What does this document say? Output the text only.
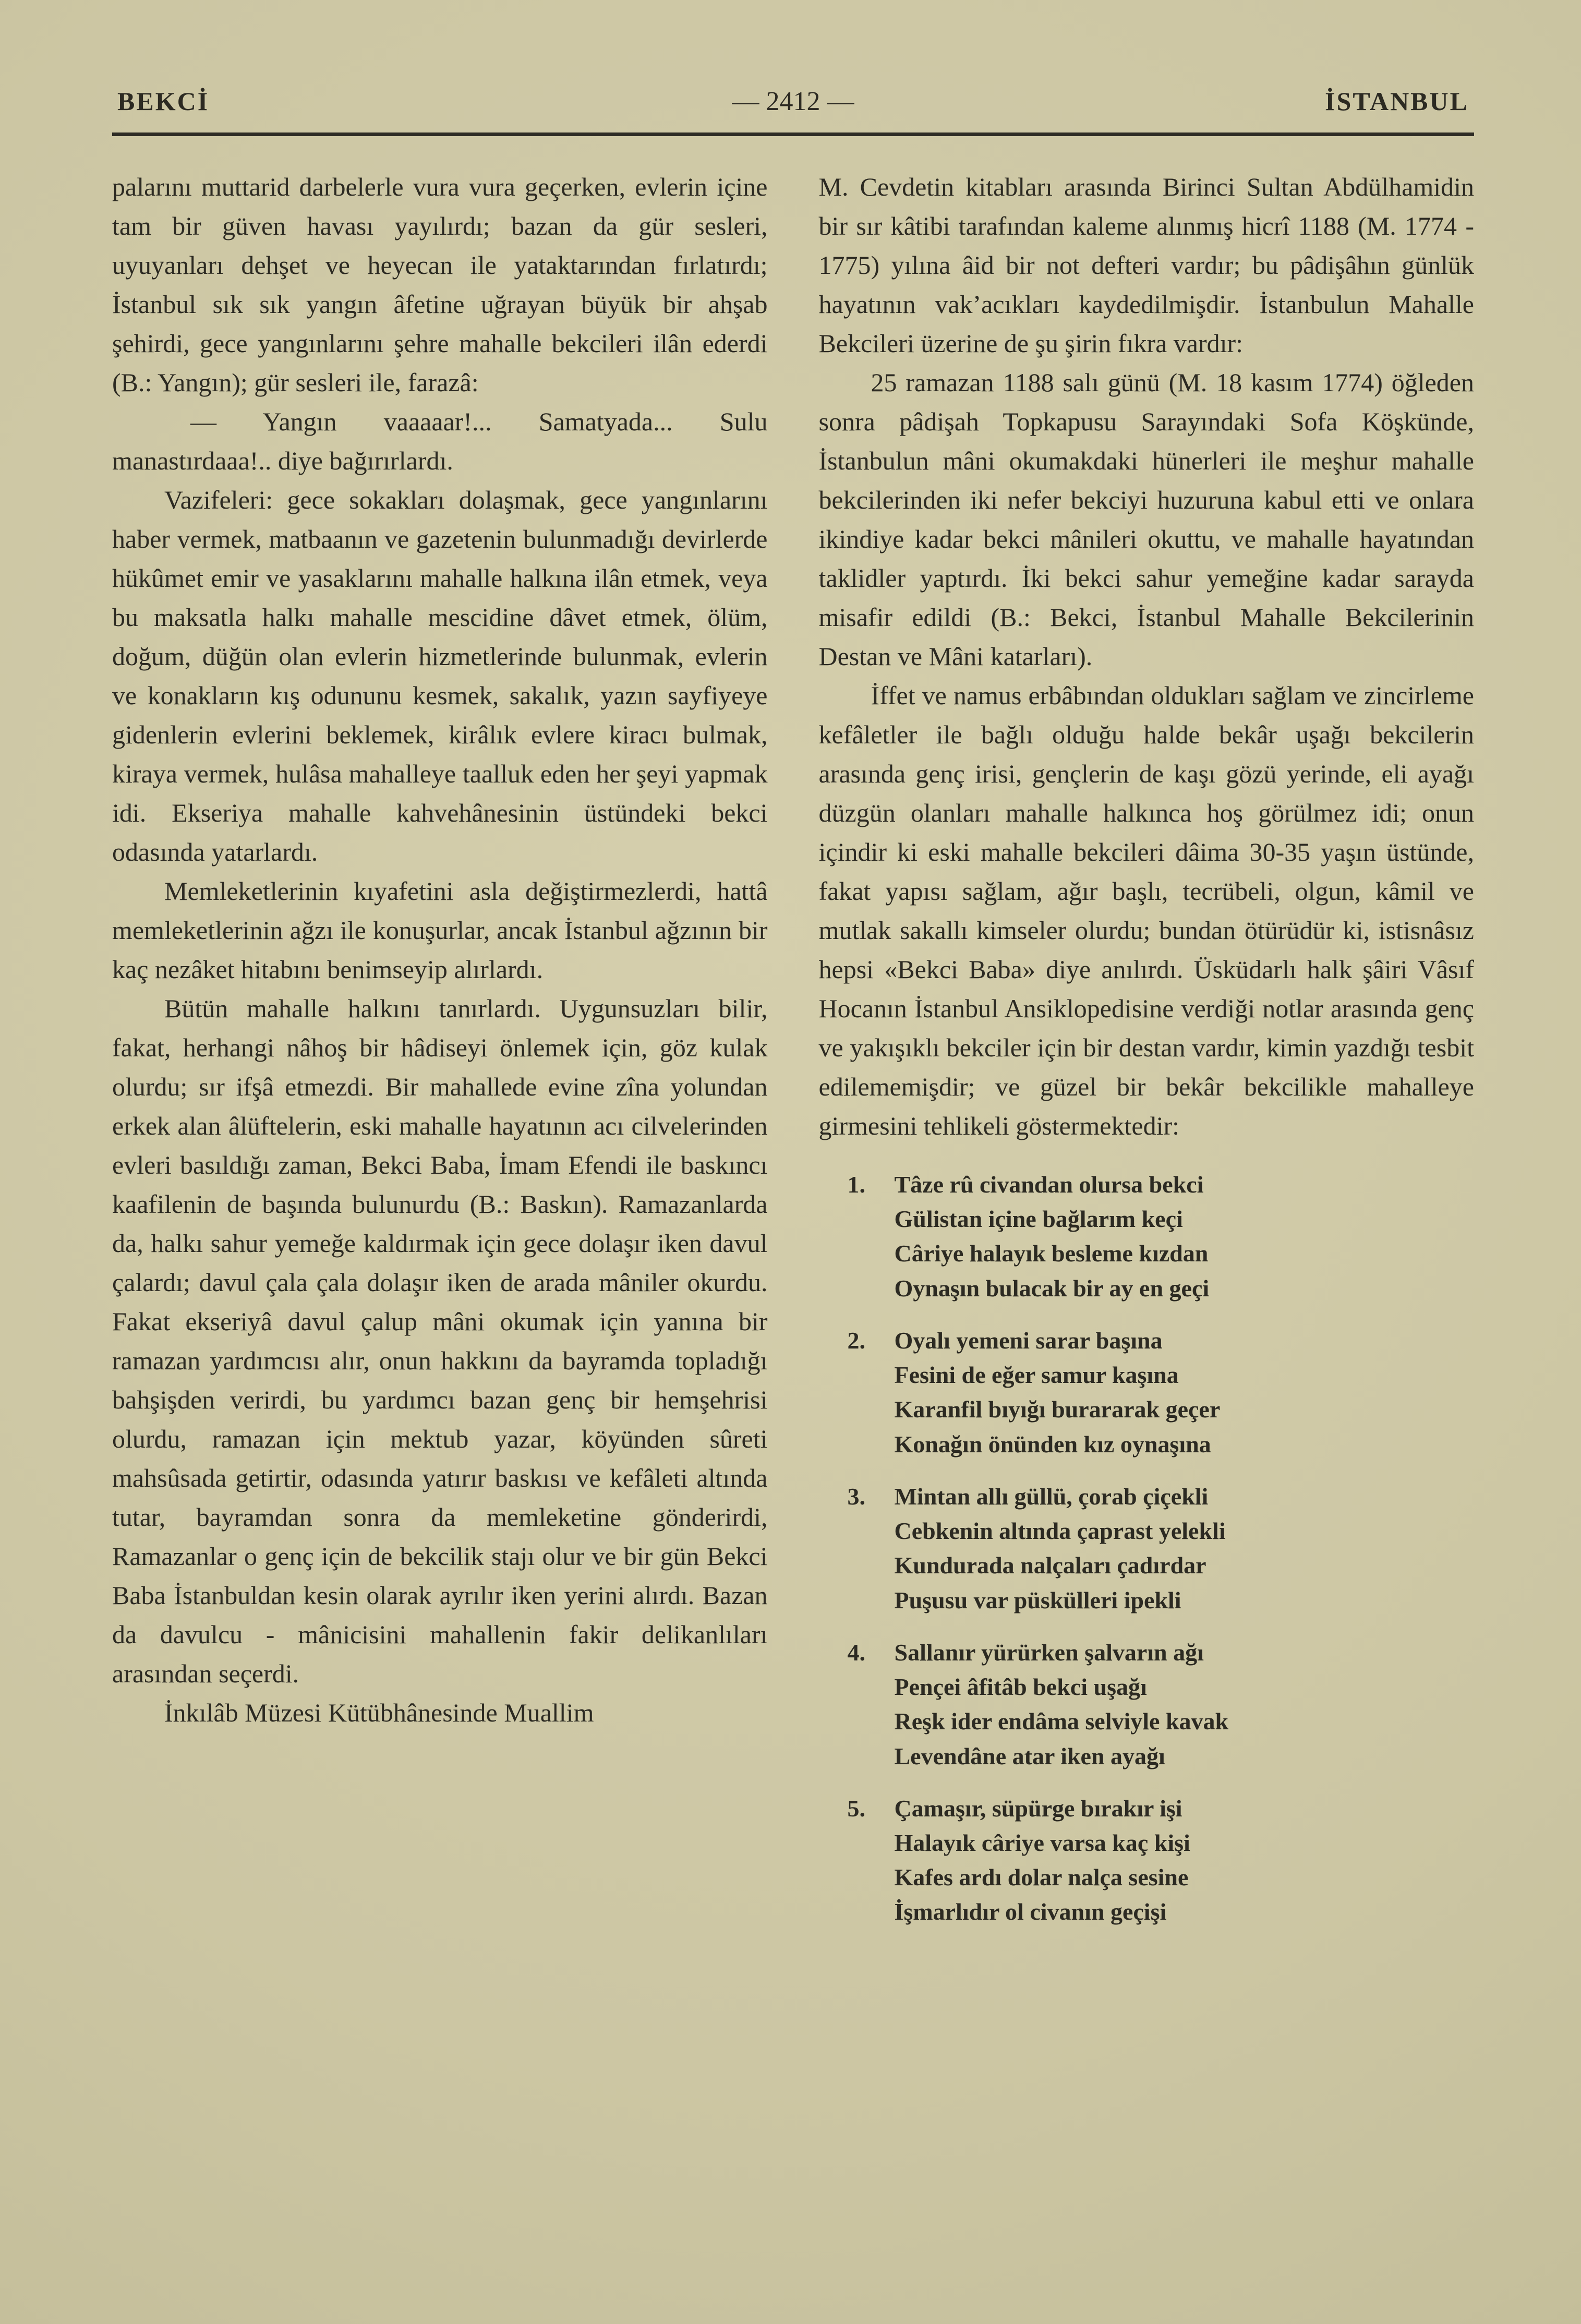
BEKCİ	— 2412 —	İSTANBUL

palarını muttarid darbelerle vura vura geçerken, evlerin içine tam bir güven havası yayılırdı; bazan da gür sesleri, uyuyanları dehşet ve heyecan ile yataktarından fırlatırdı; İstanbul sık sık yangın âfetine uğrayan büyük bir ahşab şehirdi, gece yangınlarını şehre mahalle bekcileri ilân ederdi (B.: Yangın); gür sesleri ile, farazâ:

— Yangın vaaaaar!... Samatyada... Sulu manastırdaaa!.. diye bağırırlardı.

Vazifeleri: gece sokakları dolaşmak, gece yangınlarını haber vermek, matbaanın ve gazetenin bulunmadığı devirlerde hükûmet emir ve yasaklarını mahalle halkına ilân etmek, veya bu maksatla halkı mahalle mescidine dâvet etmek, ölüm, doğum, düğün olan evlerin hizmetlerinde bulunmak, evlerin ve konakların kış odununu kesmek, sakalık, yazın sayfiyeye gidenlerin evlerini beklemek, kirâlık evlere kiracı bulmak, kiraya vermek, hulâsa mahalleye taalluk eden her şeyi yapmak idi. Ekseriya mahalle kahvehânesinin üstündeki bekci odasında yatarlardı.

Memleketlerinin kıyafetini asla değiştirmezlerdi, hattâ memleketlerinin ağzı ile konuşurlar, ancak İstanbul ağzının bir kaç nezâket hitabını benimseyip alırlardı.

Bütün mahalle halkını tanırlardı. Uygunsuzları bilir, fakat, herhangi nâhoş bir hâdiseyi önlemek için, göz kulak olurdu; sır ifşâ etmezdi. Bir mahallede evine zîna yolundan erkek alan âlüftelerin, eski mahalle hayatının acı cilvelerinden evleri basıldığı zaman, Bekci Baba, İmam Efendi ile baskıncı kaafilenin de başında bulunurdu (B.: Baskın). Ramazanlarda da, halkı sahur yemeğe kaldırmak için gece dolaşır iken davul çalardı; davul çala çala dolaşır iken de arada mâniler okurdu. Fakat ekseriyâ davul çalup mâni okumak için yanına bir ramazan yardımcısı alır, onun hakkını da bayramda topladığı bahşişden verirdi, bu yardımcı bazan genç bir hemşehrisi olurdu, ramazan için mektub yazar, köyünden sûreti mahsûsada getirtir, odasında yatırır baskısı ve kefâleti altında tutar, bayramdan sonra da memleketine gönderirdi, Ramazanlar o genç için de bekcilik stajı olur ve bir gün Bekci Baba İstanbuldan kesin olarak ayrılır iken yerini alırdı. Bazan da davulcu - mânicisini mahallenin fakir delikanlıları arasından seçerdi.

İnkılâb Müzesi Kütübhânesinde Muallim

M. Cevdetin kitabları arasında Birinci Sultan Abdülhamidin bir sır kâtibi tarafından kaleme alınmış hicrî 1188 (M. 1774 - 1775) yılına âid bir not defteri vardır; bu pâdişâhın günlük hayatının vak’acıkları kaydedilmişdir. İstanbulun Mahalle Bekcileri üzerine de şu şirin fıkra vardır:

25 ramazan 1188 salı günü (M. 18 kasım 1774) öğleden sonra pâdişah Topkapusu Sarayındaki Sofa Köşkünde, İstanbulun mâni okumakdaki hünerleri ile meşhur mahalle bekcilerinden iki nefer bekciyi huzuruna kabul etti ve onlara ikindiye kadar bekci mânileri okuttu, ve mahalle hayatından taklidler yaptırdı. İki bekci sahur yemeğine kadar sarayda misafir edildi (B.: Bekci, İstanbul Mahalle Bekcilerinin Destan ve Mâni katarları).

İffet ve namus erbâbından oldukları sağlam ve zincirleme kefâletler ile bağlı olduğu halde bekâr uşağı bekcilerin arasında genç irisi, gençlerin de kaşı gözü yerinde, eli ayağı düzgün olanları mahalle halkınca hoş görülmez idi; onun içindir ki eski mahalle bekcileri dâima 30-35 yaşın üstünde, fakat yapısı sağlam, ağır başlı, tecrübeli, olgun, kâmil ve mutlak sakallı kimseler olurdu; bundan ötürüdür ki, istisnâsız hepsi «Bekci Baba» diye anılırdı. Üsküdarlı halk şâiri Vâsıf Hocanın İstanbul Ansiklopedisine verdiği notlar arasında genç ve yakışıklı bekciler için bir destan vardır, kimin yazdığı tesbit edilememişdir; ve güzel bir bekâr bekcilikle mahalleye girmesini tehlikeli göstermektedir:

1.	Tâze rû civandan olursa bekci
Gülistan içine bağlarım keçi
Câriye halayık besleme kızdan
Oynaşın bulacak bir ay en geçi
2.	Oyalı yemeni sarar başına
Fesini de eğer samur kaşına
Karanfil bıyığı burararak geçer
Konağın önünden kız oynaşına
3.	Mintan allı güllü, çorab çiçekli
Cebkenin altında çaprast yelekli
Kundurada nalçaları çadırdar
Puşusu var püskülleri ipekli
4.	Sallanır yürürken şalvarın ağı
Pençei âfitâb bekci uşağı
Reşk ider endâma selviyle kavak
Levendâne atar iken ayağı
5.	Çamaşır, süpürge bırakır işi
Halayık câriye varsa kaç kişi
Kafes ardı dolar nalça sesine
İşmarlıdır ol civanın geçişi
